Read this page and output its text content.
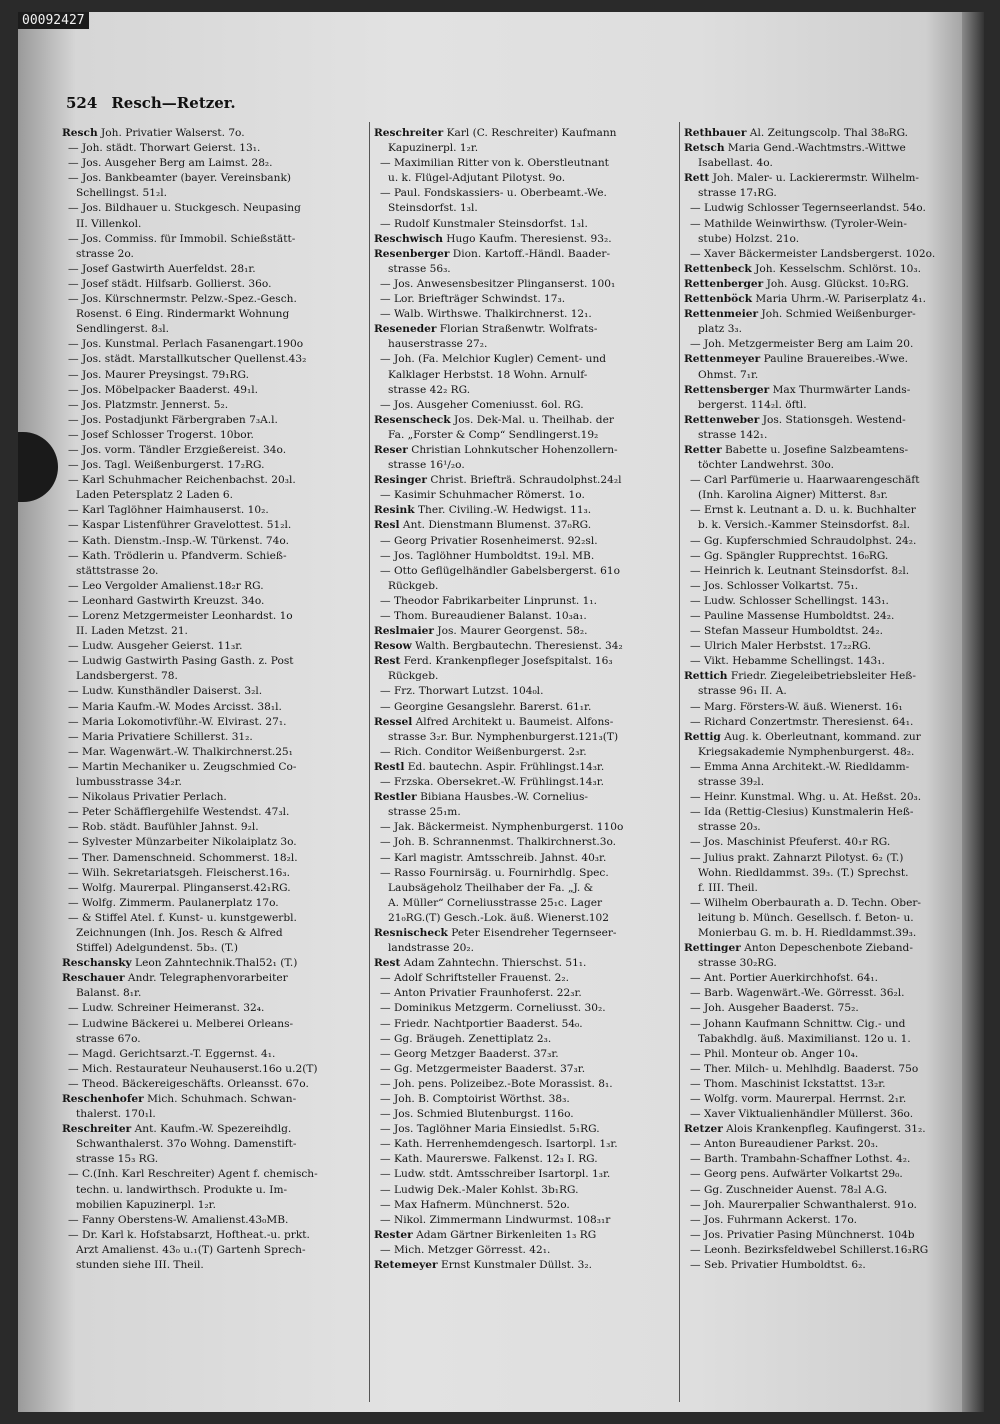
00092427
524 Resch—Retzer.
Resch Joh. Privatier Walserst. 7o.
— Joh. städt. Thorwart Geierst. 13₁.
— Jos. Ausgeher Berg am Laimst. 28₂.
— Jos. Bankbeamter (bayer. Vereinsbank)
Schellingst. 51₂l.
— Jos. Bildhauer u. Stuckgesch. Neupasing
II. Villenkol.
— Jos. Commiss. für Immobil. Schießstätt-
strasse 2o.
— Josef Gastwirth Auerfeldst. 28₁r.
— Josef städt. Hilfsarb. Gollierst. 36o.
— Jos. Kürschnermstr. Pelzw.-Spez.-Gesch.
Rosenst. 6 Eing. Rindermarkt Wohnung
Sendlingerst. 8₃l.
— Jos. Kunstmal. Perlach Fasanengart.190o
— Jos. städt. Marstallkutscher Quellenst.43₂
— Jos. Maurer Preysingst. 79₁RG.
— Jos. Möbelpacker Baaderst. 49₁l.
— Jos. Platzmstr. Jennerst. 5₂.
— Jos. Postadjunkt Färbergraben 7₃A.l.
— Josef Schlosser Trogerst. 10bor.
— Jos. vorm. Tändler Erzgießereist. 34o.
— Jos. Tagl. Weißenburgerst. 17₂RG.
— Karl Schuhmacher Reichenbachst. 20₃l.
Laden Petersplatz 2 Laden 6.
— Karl Taglöhner Haimhauserst. 10₂.
— Kaspar Listenführer Gravelottest. 51₂l.
— Kath. Dienstm.-Insp.-W. Türkenst. 74o.
— Kath. Trödlerin u. Pfandverm. Schieß-
stättstrasse 2o.
— Leo Vergolder Amalienst.18₂r RG.
— Leonhard Gastwirth Kreuzst. 34o.
— Lorenz Metzgermeister Leonhardst. 1o
II. Laden Metzst. 21.
— Ludw. Ausgeher Geierst. 11₃r.
— Ludwig Gastwirth Pasing Gasth. z. Post
Landsbergerst. 78.
— Ludw. Kunsthändler Daiserst. 3₂l.
— Maria Kaufm.-W. Modes Arcisst. 38₁l.
— Maria Lokomotivführ.-W. Elvirast. 27₁.
— Maria Privatiere Schillerst. 31₂.
— Mar. Wagenwärt.-W. Thalkirchnerst.25₁
— Martin Mechaniker u. Zeugschmied Co-
lumbusstrasse 34₂r.
— Nikolaus Privatier Perlach.
— Peter Schäfflergehilfe Westendst. 47₃l.
— Rob. städt. Baufühler Jahnst. 9₂l.
— Sylvester Münzarbeiter Nikolaiplatz 3o.
— Ther. Damenschneid. Schommerst. 18₂l.
— Wilh. Sekretariatsgeh. Fleischerst.16₃.
— Wolfg. Maurerpal. Plinganserst.42₁RG.
— Wolfg. Zimmerm. Paulanerplatz 17o.
— & Stiffel Atel. f. Kunst- u. kunstgewerbl.
Zeichnungen (Inh. Jos. Resch & Alfred
Stiffel) Adelgundenst. 5b₃. (T.)
Reschansky Leon Zahntechnik.Thal52₁ (T.)
Reschauer Andr. Telegraphenvorarbeiter
Balanst. 8₁r.
— Ludw. Schreiner Heimeranst. 32₄.
— Ludwine Bäckerei u. Melberei Orleans-
strasse 67o.
— Magd. Gerichtsarzt.-T. Eggernst. 4₁.
— Mich. Restaurateur Neuhauserst.16o u.2(T)
— Theod. Bäckereigeschäfts. Orleansst. 67o.
Reschenhofer Mich. Schuhmach. Schwan-
thalerst. 170₁l.
Reschreiter Ant. Kaufm.-W. Spezereihdlg.
Schwanthalerst. 37o Wohng. Damenstift-
strasse 15₃ RG.
— C.(Inh. Karl Reschreiter) Agent f. chemisch-
techn. u. landwirthsch. Produkte u. Im-
mobilien Kapuzinerpl. 1₂r.
— Fanny Oberstens-W. Amalienst.43₀MB.
— Dr. Karl k. Hofstabsarzt, Hoftheat.-u. prkt.
Arzt Amalienst. 43₀ u.₁(T) Gartenh Sprech-
stunden siehe III. Theil.
Reschreiter Karl (C. Reschreiter) Kaufmann
Kapuzinerpl. 1₂r.
— Maximilian Ritter von k. Oberstleutnant
u. k. Flügel-Adjutant Pilotyst. 9o.
— Paul. Fondskassiers- u. Oberbeamt.-We.
Steinsdorfst. 1₃l.
— Rudolf Kunstmaler Steinsdorfst. 1₃l.
Reschwisch Hugo Kaufm. Theresienst. 93₂.
Resenberger Dion. Kartoff.-Händl. Baader-
strasse 56₃.
— Jos. Anwesensbesitzer Plinganserst. 100₁
— Lor. Briefträger Schwindst. 17₃.
— Walb. Wirthswe. Thalkirchnerst. 12₁.
Reseneder Florian Straßenwtr. Wolfrats-
hauserstrasse 27₂.
— Joh. (Fa. Melchior Kugler) Cement- und
Kalklager Herbstst. 18 Wohn. Arnulf-
strasse 42₂ RG.
— Jos. Ausgeher Comeniusst. 6ol. RG.
Resenscheck Jos. Dek-Mal. u. Theilhab. der
Fa. „Forster & Comp“ Sendlingerst.19₂
Reser Christian Lohnkutscher Hohenzollern-
strasse 16¹/₂o.
Resinger Christ. Briefträ. Schraudolphst.24₂l
— Kasimir Schuhmacher Römerst. 1o.
Resink Ther. Civiling.-W. Hedwigst. 11₃.
Resl Ant. Dienstmann Blumenst. 37₀RG.
— Georg Privatier Rosenheimerst. 92₂sl.
— Jos. Taglöhner Humboldtst. 19₂l. MB.
— Otto Geflügelhändler Gabelsbergerst. 61o
Rückgeb.
— Theodor Fabrikarbeiter Linprunst. 1₁.
— Thom. Bureaudiener Balanst. 10₃a₁.
Reslmaier Jos. Maurer Georgenst. 58₂.
Resow Walth. Bergbautechn. Theresienst. 34₂
Rest Ferd. Krankenpfleger Josefspitalst. 16₃
Rückgeb.
— Frz. Thorwart Lutzst. 104₀l.
— Georgine Gesangslehr. Barerst. 61₁r.
Ressel Alfred Architekt u. Baumeist. Alfons-
strasse 3₂r. Bur. Nymphenburgerst.121₃(T)
— Rich. Conditor Weißenburgerst. 2₃r.
Restl Ed. bautechn. Aspir. Frühlingst.14₃r.
— Frzska. Obersekret.-W. Frühlingst.14₃r.
Restler Bibiana Hausbes.-W. Cornelius-
strasse 25₁m.
— Jak. Bäckermeist. Nymphenburgerst. 110o
— Joh. B. Schrannenmst. Thalkirchnerst.3o.
— Karl magistr. Amtsschreib. Jahnst. 40₃r.
— Rasso Fournirsäg. u. Fournirhdlg. Spec.
Laubsägeholz Theilhaber der Fa. „J. &
A. Müller“ Corneliusstrasse 25₁c. Lager
21₀RG.(T) Gesch.-Lok. äuß. Wienerst.102
Resnischeck Peter Eisendreher Tegernseer-
landstrasse 20₂.
Rest Adam Zahntechn. Thierschst. 51₁.
— Adolf Schriftsteller Frauenst. 2₂.
— Anton Privatier Fraunhoferst. 22₃r.
— Dominikus Metzgerm. Corneliusst. 30₂.
— Friedr. Nachtportier Baaderst. 54₀.
— Gg. Bräugeh. Zenettiplatz 2₃.
— Georg Metzger Baaderst. 37₃r.
— Gg. Metzgermeister Baaderst. 37₃r.
— Joh. pens. Polizeibez.-Bote Morassist. 8₁.
— Joh. B. Comptoirist Wörthst. 38₃.
— Jos. Schmied Blutenburgst. 116o.
— Jos. Taglöhner Maria Einsiedlst. 5₁RG.
— Kath. Herrenhemdengesch. Isartorpl. 1₃r.
— Kath. Maurerswe. Falkenst. 12₃ I. RG.
— Ludw. stdt. Amtsschreiber Isartorpl. 1₃r.
— Ludwig Dek.-Maler Kohlst. 3b₁RG.
— Max Hafnerm. Münchnerst. 52o.
— Nikol. Zimmermann Lindwurmst. 108₃₁r
Rester Adam Gärtner Birkenleiten 1₃ RG
— Mich. Metzger Görresst. 42₁.
Retemeyer Ernst Kunstmaler Düllst. 3₂.
Rethbauer Al. Zeitungscolp. Thal 38₀RG.
Retsch Maria Gend.-Wachtmstrs.-Wittwe
Isabellast. 4o.
Rett Joh. Maler- u. Lackierermstr. Wilhelm-
strasse 17₁RG.
— Ludwig Schlosser Tegernseerlandst. 54o.
— Mathilde Weinwirthsw. (Tyroler-Wein-
stube) Holzst. 21o.
— Xaver Bäckermeister Landsbergerst. 102o.
Rettenbeck Joh. Kesselschm. Schlörst. 10₃.
Rettenberger Joh. Ausg. Glückst. 10₂RG.
Rettenböck Maria Uhrm.-W. Pariserplatz 4₁.
Rettenmeier Joh. Schmied Weißenburger-
platz 3₃.
— Joh. Metzgermeister Berg am Laim 20.
Rettenmeyer Pauline Brauereibes.-Wwe.
Ohmst. 7₁r.
Rettensberger Max Thurmwärter Lands-
bergerst. 114₂l. öftl.
Rettenweber Jos. Stationsgeh. Westend-
strasse 142₁.
Retter Babette u. Josefine Salzbeamtens-
töchter Landwehrst. 30o.
— Carl Parfümerie u. Haarwaarengeschäft
(Inh. Karolina Aigner) Mitterst. 8₃r.
— Ernst k. Leutnant a. D. u. k. Buchhalter
b. k. Versich.-Kammer Steinsdorfst. 8₂l.
— Gg. Kupferschmied Schraudolphst. 24₂.
— Gg. Spängler Rupprechtst. 16₀RG.
— Heinrich k. Leutnant Steinsdorfst. 8₂l.
— Jos. Schlosser Volkartst. 75₁.
— Ludw. Schlosser Schellingst. 143₁.
— Pauline Massense Humboldtst. 24₂.
— Stefan Masseur Humboldtst. 24₂.
— Ulrich Maler Herbstst. 17₂₂RG.
— Vikt. Hebamme Schellingst. 143₁.
Rettich Friedr. Ziegeleibetriebsleiter Heß-
strasse 96₁ II. A.
— Marg. Försters-W. äuß. Wienerst. 16₁
— Richard Conzertmstr. Theresienst. 64₁.
Rettig Aug. k. Oberleutnant, kommand. zur
Kriegsakademie Nymphenburgerst. 48₂.
— Emma Anna Architekt.-W. Riedldamm-
strasse 39₂l.
— Heinr. Kunstmal. Whg. u. At. Heßst. 20₃.
— Ida (Rettig-Clesius) Kunstmalerin Heß-
strasse 20₃.
— Jos. Maschinist Pfeuferst. 40₁r RG.
— Julius prakt. Zahnarzt Pilotyst. 6₂ (T.)
Wohn. Riedldammst. 39₃. (T.) Sprechst.
f. III. Theil.
— Wilhelm Oberbaurath a. D. Techn. Ober-
leitung b. Münch. Gesellsch. f. Beton- u.
Monierbau G. m. b. H. Riedldammst.39₃.
Rettinger Anton Depeschenbote Zieband-
strasse 30₂RG.
— Ant. Portier Auerkirchhofst. 64₁.
— Barb. Wagenwärt.-We. Görresst. 36₂l.
— Joh. Ausgeher Baaderst. 75₂.
— Johann Kaufmann Schnittw. Cig.- und
Tabakhdlg. äuß. Maximilianst. 12o u. 1.
— Phil. Monteur ob. Anger 10₄.
— Ther. Milch- u. Mehlhdlg. Baaderst. 75o
— Thom. Maschinist Ickstattst. 13₂r.
— Wolfg. vorm. Maurerpal. Herrnst. 2₁r.
— Xaver Viktualienhändler Müllerst. 36o.
Retzer Alois Krankenpfleg. Kaufingerst. 31₂.
— Anton Bureaudiener Parkst. 20₃.
— Barth. Trambahn-Schaffner Lothst. 4₂.
— Georg pens. Aufwärter Volkartst 29₀.
— Gg. Zuschneider Auenst. 78₂l A.G.
— Joh. Maurerpalier Schwanthalerst. 91o.
— Jos. Fuhrmann Ackerst. 17o.
— Jos. Privatier Pasing Münchnerst. 104b
— Leonh. Bezirksfeldwebel Schillerst.16₃RG
— Seb. Privatier Humboldtst. 6₂.
